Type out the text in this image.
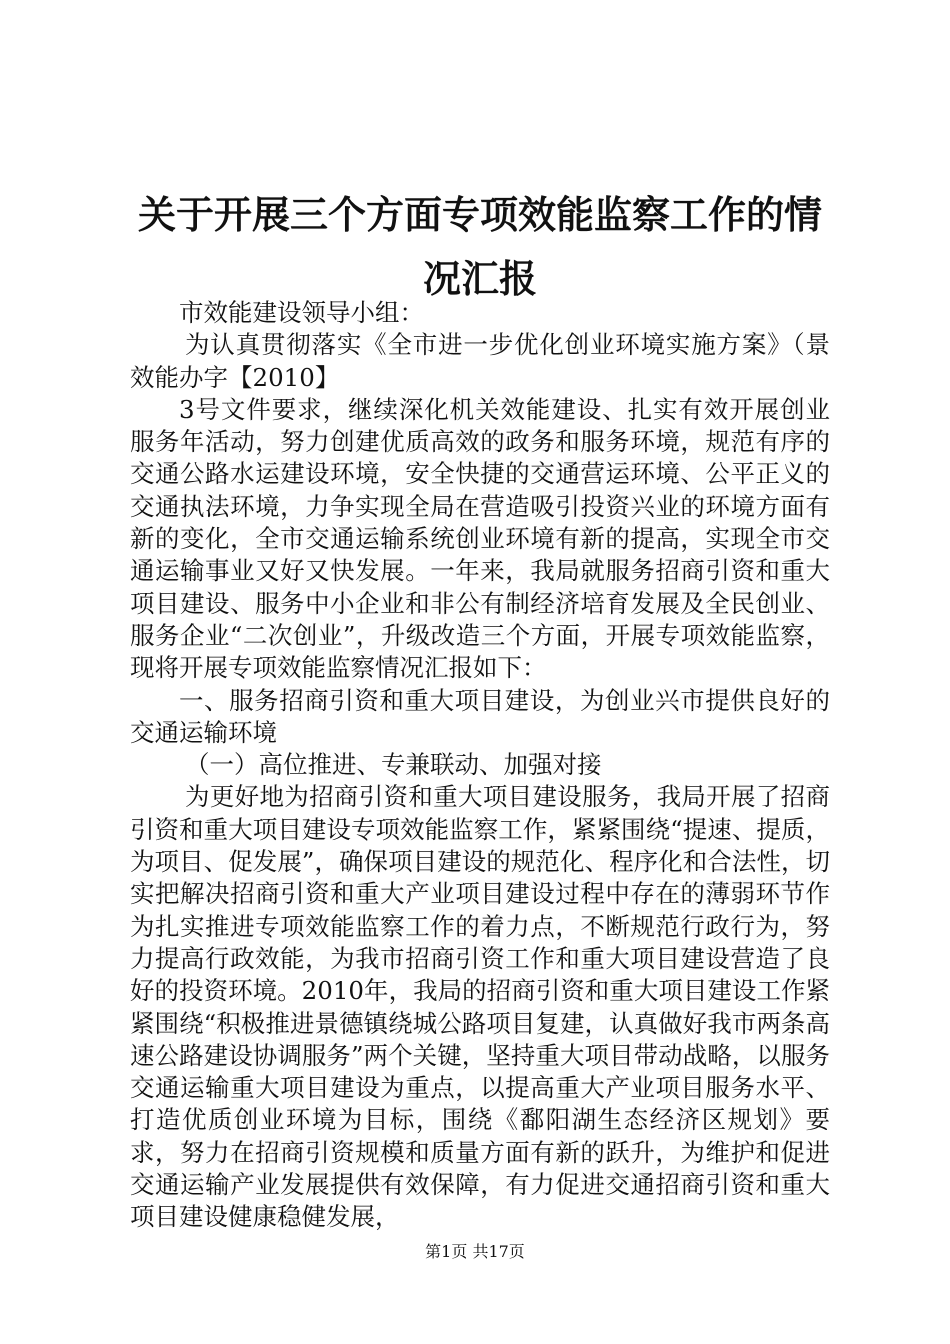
关于开展三个方面专项效能监察工作的情况汇报

市效能建设领导小组：

为认真贯彻落实《全市进一步优化创业环境实施方案》（景效能办字【2010】

3号文件要求，继续深化机关效能建设、扎实有效开展创业服务年活动，努力创建优质高效的政务和服务环境，规范有序的交通公路水运建设环境，安全快捷的交通营运环境、公平正义的交通执法环境，力争实现全局在营造吸引投资兴业的环境方面有新的变化，全市交通运输系统创业环境有新的提高，实现全市交通运输事业又好又快发展。一年来，我局就服务招商引资和重大项目建设、服务中小企业和非公有制经济培育发展及全民创业、服务企业“二次创业”，升级改造三个方面，开展专项效能监察，现将开展专项效能监察情况汇报如下：

一、服务招商引资和重大项目建设，为创业兴市提供良好的交通运输环境

（一）高位推进、专兼联动、加强对接

为更好地为招商引资和重大项目建设服务，我局开展了招商引资和重大项目建设专项效能监察工作，紧紧围绕“提速、提质，为项目、促发展”，确保项目建设的规范化、程序化和合法性，切实把解决招商引资和重大产业项目建设过程中存在的薄弱环节作为扎实推进专项效能监察工作的着力点，不断规范行政行为，努力提高行政效能，为我市招商引资工作和重大项目建设营造了良好的投资环境。2010年，我局的招商引资和重大项目建设工作紧紧围绕“积极推进景德镇绕城公路项目复建，认真做好我市两条高速公路建设协调服务”两个关键，坚持重大项目带动战略，以服务交通运输重大项目建设为重点，以提高重大产业项目服务水平、打造优质创业环境为目标，围绕《鄱阳湖生态经济区规划》要求，努力在招商引资规模和质量方面有新的跃升，为维护和促进交通运输产业发展提供有效保障，有力促进交通招商引资和重大项目建设健康稳健发展，

第1页 共17页
